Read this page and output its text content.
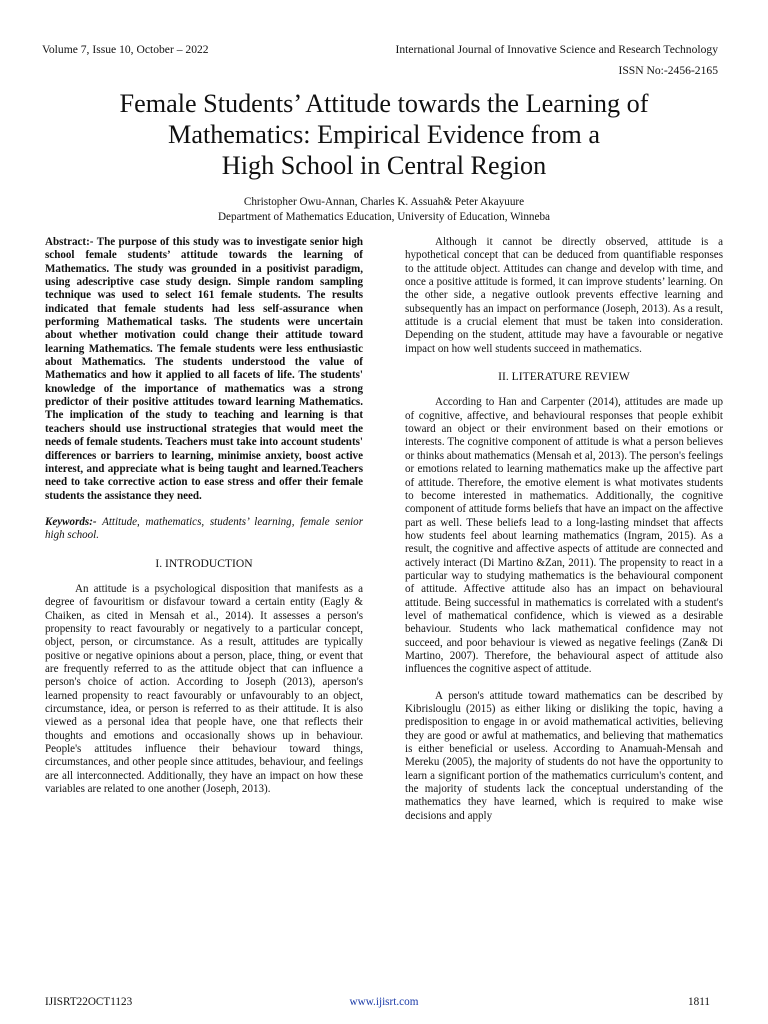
Volume 7, Issue 10, October – 2022	International Journal of Innovative Science and Research Technology
ISSN No:-2456-2165
Female Students’ Attitude towards the Learning of
Mathematics: Empirical Evidence from a
High School in Central Region
Christopher Owu-Annan, Charles K. Assuah& Peter Akayuure
Department of Mathematics Education, University of Education, Winneba

Abstract:- The purpose of this study was to investigate senior high school female students’ attitude towards the learning of Mathematics. The study was grounded in a positivist paradigm, using adescriptive case study design. Simple random sampling technique was used to select 161 female students. The results indicated that female students had less self-assurance when performing Mathematical tasks. The students were uncertain about whether motivation could change their attitude toward learning Mathematics. The female students were less enthusiastic about Mathematics. The students understood the value of Mathematics and how it applied to all facets of life. The students' knowledge of the importance of mathematics was a strong predictor of their positive attitudes toward learning Mathematics. The implication of the study to teaching and learning is that teachers should use instructional strategies that would meet the needs of female students. Teachers must take into account students' differences or barriers to learning, minimise anxiety, boost active interest, and appreciate what is being taught and learned.Teachers need to take corrective action to ease stress and offer their female students the assistance they need.

Keywords:- Attitude, mathematics, students’ learning, female senior high school.

I. INTRODUCTION

An attitude is a psychological disposition that manifests as a degree of favouritism or disfavour toward a certain entity (Eagly & Chaiken, as cited in Mensah et al., 2014). It assesses a person's propensity to react favourably or negatively to a particular concept, object, person, or circumstance. As a result, attitudes are typically positive or negative opinions about a person, place, thing, or event that are frequently referred to as the attitude object that can influence a person's choice of action. According to Joseph (2013), aperson's learned propensity to react favourably or unfavourably to an object, circumstance, idea, or person is referred to as their attitude. It is also viewed as a personal idea that people have, one that reflects their thoughts and emotions and occasionally shows up in behaviour. People's attitudes influence their behaviour toward things, circumstances, and other people since attitudes, behaviour, and feelings are all interconnected. Additionally, they have an impact on how these variables are related to one another (Joseph, 2013).

Although it cannot be directly observed, attitude is a hypothetical concept that can be deduced from quantifiable responses to the attitude object. Attitudes can change and develop with time, and once a positive attitude is formed, it can improve students’ learning. On the other side, a negative outlook prevents effective learning and subsequently has an impact on performance (Joseph, 2013). As a result, attitude is a crucial element that must be taken into consideration. Depending on the student, attitude may have a favourable or negative impact on how well students succeed in mathematics.

II. LITERATURE REVIEW

According to Han and Carpenter (2014), attitudes are made up of cognitive, affective, and behavioural responses that people exhibit toward an object or their environment based on their emotions or interests. The cognitive component of attitude is what a person believes or thinks about mathematics (Mensah et al, 2013). The person's feelings or emotions related to learning mathematics make up the affective part of attitude. Therefore, the emotive element is what motivates students to become interested in mathematics. Additionally, the cognitive component of attitude forms beliefs that have an impact on the affective part as well. These beliefs lead to a long-lasting mindset that affects how students feel about learning mathematics (Ingram, 2015). As a result, the cognitive and affective aspects of attitude are connected and actively interact (Di Martino &Zan, 2011). The propensity to react in a particular way to studying mathematics is the behavioural component of attitude. Affective attitude also has an impact on behavioural attitude. Being successful in mathematics is correlated with a student's level of mathematical confidence, which is viewed as a desirable behaviour. Students who lack mathematical confidence may not succeed, and poor behaviour is viewed as negative feelings (Zan& Di Martino, 2007). Therefore, the behavioural aspect of attitude also influences the cognitive aspect of attitude.

A person's attitude toward mathematics can be described by Kibrislouglu (2015) as either liking or disliking the topic, having a predisposition to engage in or avoid mathematical activities, believing they are good or awful at mathematics, and believing that mathematics is either beneficial or useless. According to Anamuah-Mensah and Mereku (2005), the majority of students do not have the opportunity to learn a significant portion of the mathematics curriculum's content, and the majority of students lack the conceptual understanding of the mathematics they have learned, which is required to make wise decisions and apply

IJISRT22OCT1123	www.ijisrt.com	1811
